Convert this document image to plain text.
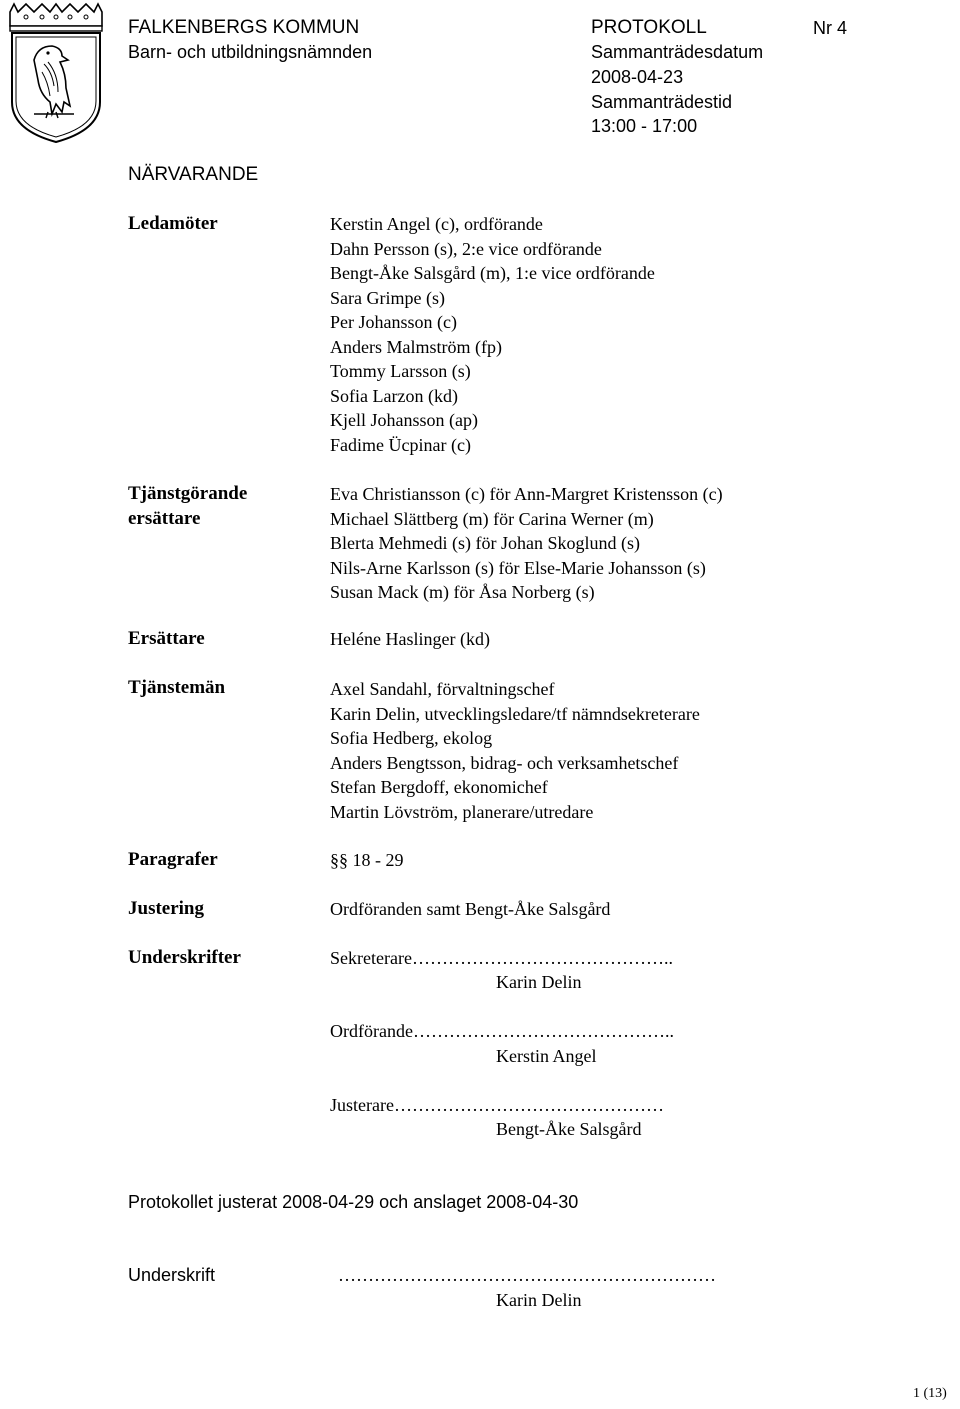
FALKENBERGS KOMMUN
Barn- och utbildningsnämnden
PROTOKOLL	Nr 4
Sammanträdesdatum
2008-04-23
Sammanträdestid
13:00 - 17:00
NÄRVARANDE
Ledamöter	Kerstin Angel (c), ordförande
Dahn Persson (s), 2:e vice ordförande
Bengt-Åke Salsgård (m), 1:e vice ordförande
Sara Grimpe (s)
Per Johansson (c)
Anders Malmström (fp)
Tommy Larsson (s)
Sofia Larzon (kd)
Kjell Johansson (ap)
Fadime Ücpinar (c)
Tjänstgörande
ersättare
Eva Christiansson (c) för Ann-Margret Kristensson (c)
Michael Slättberg (m) för Carina Werner (m)
Blerta Mehmedi (s) för Johan Skoglund (s)
Nils-Arne Karlsson (s) för Else-Marie Johansson (s)
Susan Mack (m) för Åsa Norberg (s)
Ersättare	Heléne Haslinger (kd)
Tjänstemän	Axel Sandahl, förvaltningschef
Karin Delin, utvecklingsledare/tf nämndsekreterare
Sofia Hedberg, ekolog
Anders Bengtsson, bidrag- och verksamhetschef
Stefan Bergdoff, ekonomichef
Martin Lövström, planerare/utredare
Paragrafer	§§ 18 - 29
Justering	Ordföranden samt Bengt-Åke Salsgård
Underskrifter	Sekreterare……………………………………..
Karin Delin
Ordförande……………………………………..
Kerstin Angel
Justerare………………………………………
Bengt-Åke Salsgård
Protokollet justerat 2008-04-29 och anslaget 2008-04-30
Underskrift	………………………………………………………
Karin Delin
1 (13)
